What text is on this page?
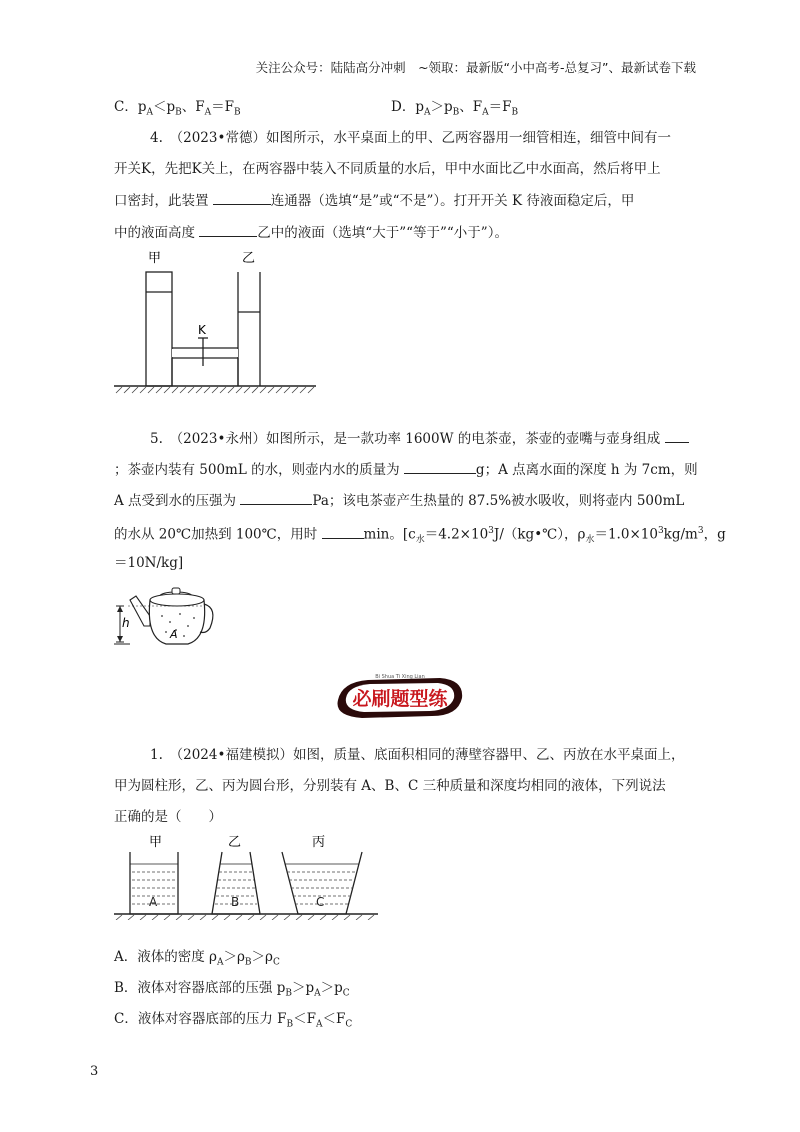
关注公众号：陆陆高分冲刺　~领取：最新版“小中高考-总复习”、最新试卷下载
C．$p_A<p_B$、$F_A=F_B$	D．$p_A>p_B$、$F_A=F_B$
4.　（2023•常德）如图所示，水平桌面上的甲、乙两容器用一细管相连，细管中间有一
开关K，先把K关上，在两容器中装入不同质量的水后，甲中水面比乙中水面高，然后将甲上
口密封，此装置	连通器（选填“是”或“不是”）。打开开关 K 待液面稳定后，甲
中的液面高度	乙中的液面（选填“大于”“等于”“小于”）。
甲	乙
K
5.　（2023•永州）如图所示，是一款功率 1600W 的电茶壶，茶壶的壶嘴与壶身组成
；茶壶内装有 500mL 的水，则壶内水的质量为	g；A 点离水面的深度 h 为 7cm，则
A 点受到水的压强为	Pa；该电茶壶产生热量的 87.5%被水吸收，则将壶内 500mL
的水从 20℃加热到 100℃，用时	min。[$c_水=4.2\times 10^3J/(kg•℃)$，$\rho_水=1.0\times 10^3kg/m^3$，g
＝10N/kg]
h
A
Bi Shua Ti Xing Lian
必刷题型练
1.　（2024•福建模拟）如图，质量、底面积相同的薄壁容器甲、乙、丙放在水平桌面上，
甲为圆柱形，乙、丙为圆台形，分别装有 A、B、C 三种质量和深度均相同的液体，下列说法
正确的是（　　）
甲	乙	丙
A	B	C
A．液体的密度 $\rho_A>\rho_B>\rho_C$
B．液体对容器底部的压强 $p_B>p_A>p_C$
C．液体对容器底部的压力 $F_B<F_A<F_C$
3
